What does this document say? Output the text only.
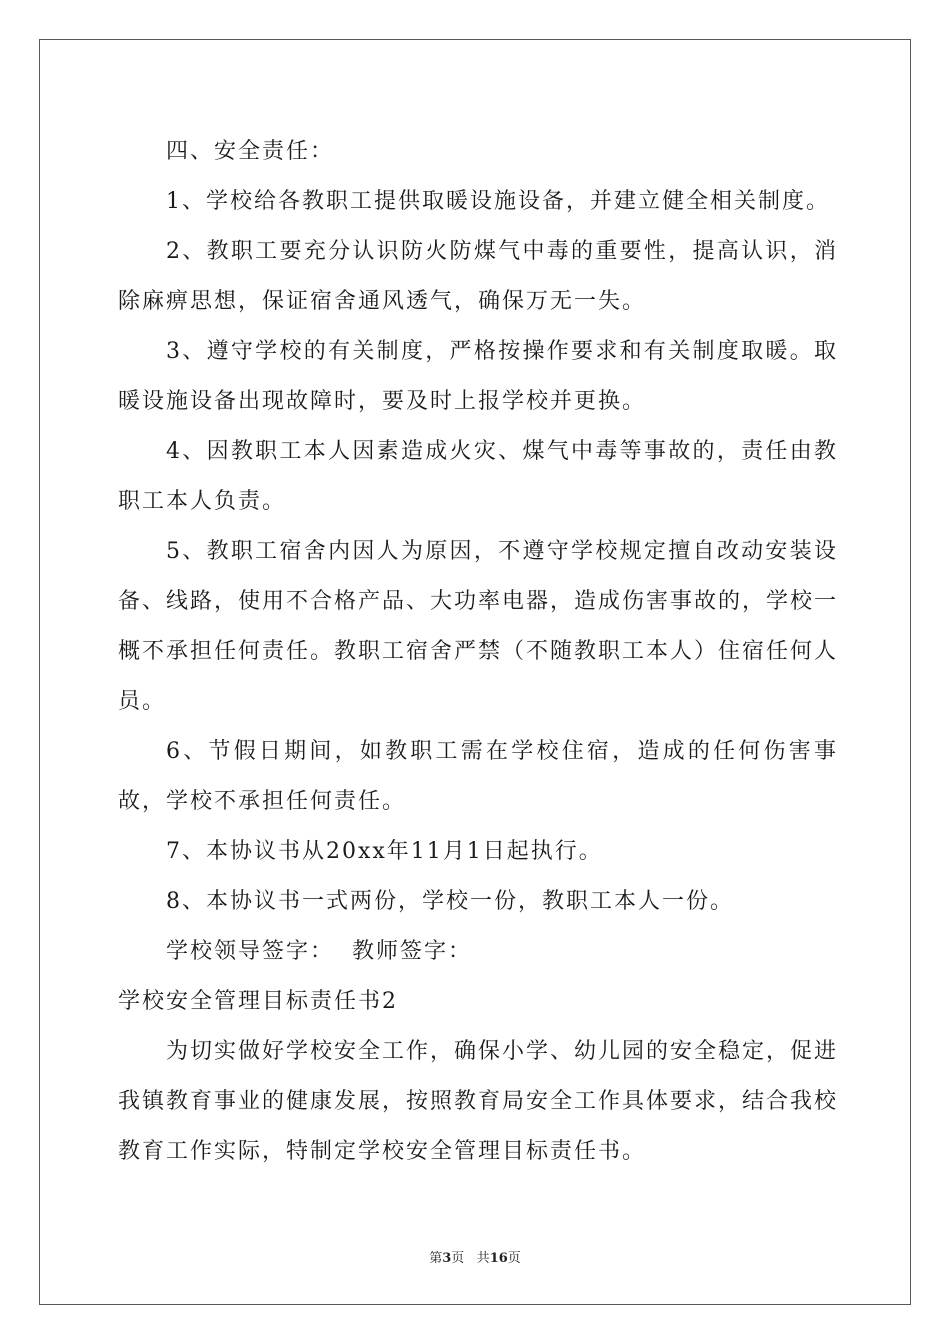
四、安全责任：

1、学校给各教职工提供取暖设施设备，并建立健全相关制度。

2、教职工要充分认识防火防煤气中毒的重要性，提高认识，消除麻痹思想，保证宿舍通风透气，确保万无一失。

3、遵守学校的有关制度，严格按操作要求和有关制度取暖。取暖设施设备出现故障时，要及时上报学校并更换。

4、因教职工本人因素造成火灾、煤气中毒等事故的，责任由教职工本人负责。

5、教职工宿舍内因人为原因，不遵守学校规定擅自改动安装设备、线路，使用不合格产品、大功率电器，造成伤害事故的，学校一概不承担任何责任。教职工宿舍严禁（不随教职工本人）住宿任何人员。

6、节假日期间，如教职工需在学校住宿，造成的任何伤害事故，学校不承担任何责任。

7、本协议书从20xx年11月1日起执行。

8、本协议书一式两份，学校一份，教职工本人一份。

学校领导签字：  教师签字：

学校安全管理目标责任书2

为切实做好学校安全工作，确保小学、幼儿园的安全稳定，促进我镇教育事业的健康发展，按照教育局安全工作具体要求，结合我校教育工作实际，特制定学校安全管理目标责任书。

第3页 共16页
